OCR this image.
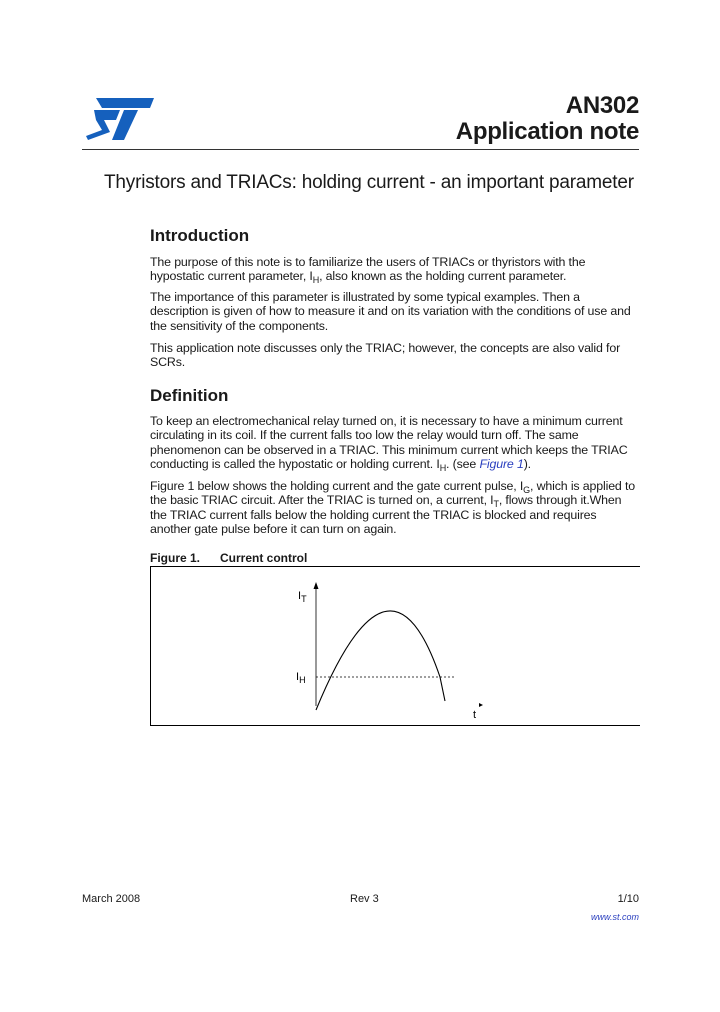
AN302
Application note
Thyristors and TRIACs: holding current - an important parameter
Introduction

The purpose of this note is to familiarize the users of TRIACs or thyristors with the hypostatic current parameter, $I_H$, also known as the holding current parameter.

The importance of this parameter is illustrated by some typical examples. Then a description is given of how to measure it and on its variation with the conditions of use and the sensitivity of the components.

This application note discusses only the TRIAC; however, the concepts are also valid for SCRs.

Definition

To keep an electromechanical relay turned on, it is necessary to have a minimum current circulating in its coil. If the current falls too low the relay would turn off. The same phenomenon can be observed in a TRIAC. This minimum current which keeps the TRIAC conducting is called the hypostatic or holding current. $I_H$. (see Figure 1).

Figure 1 below shows the holding current and the gate current pulse, $I_G$, which is applied to the basic TRIAC circuit. After the TRIAC is turned on, a current, $I_T$, flows through it.When the TRIAC current falls below the holding current the TRIAC is blocked and requires another gate pulse before it can turn on again.

Figure 1. Current control
$I_T$
$I_H$
t
March 2008	Rev 3	1/10
www.st.com
